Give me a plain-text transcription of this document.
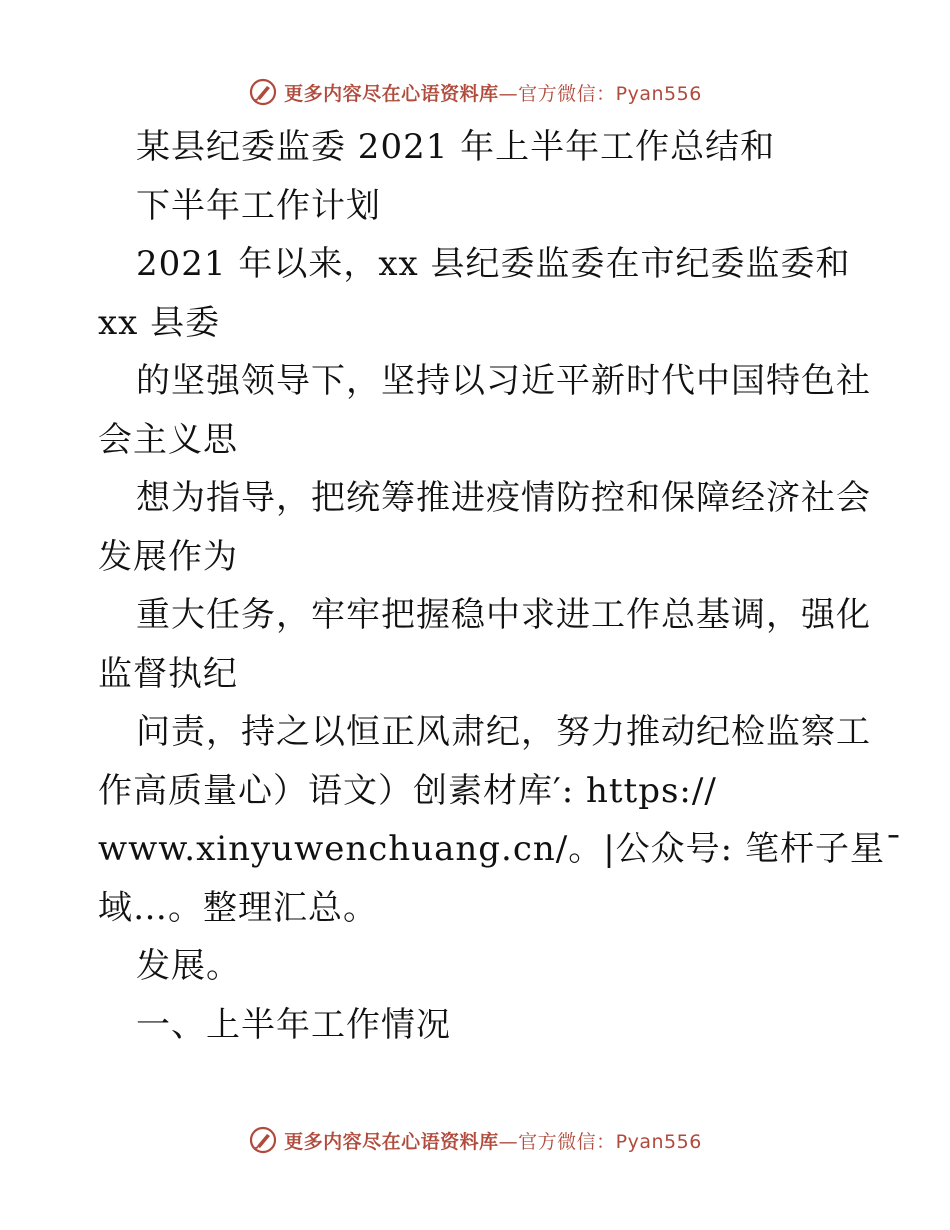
更多内容尽在心语资料库—官方微信：Pyan556
某县纪委监委 2021 年上半年工作总结和
下半年工作计划
2021 年以来，xx 县纪委监委在市纪委监委和
xx 县委
的坚强领导下，坚持以习近平新时代中国特色社
会主义思
想为指导，把统筹推进疫情防控和保障经济社会
发展作为
重大任务，牢牢把握稳中求进工作总基调，强化
监督执纪
问责，持之以恒正风肃纪，努力推动纪检监察工
作高质量心）语文）创素材库′: https://
www.xinyuwenchuang.cn/。|公众号: 笔杆子星¯
域…。整理汇总。
发展。
一、上半年工作情况
更多内容尽在心语资料库—官方微信：Pyan556
